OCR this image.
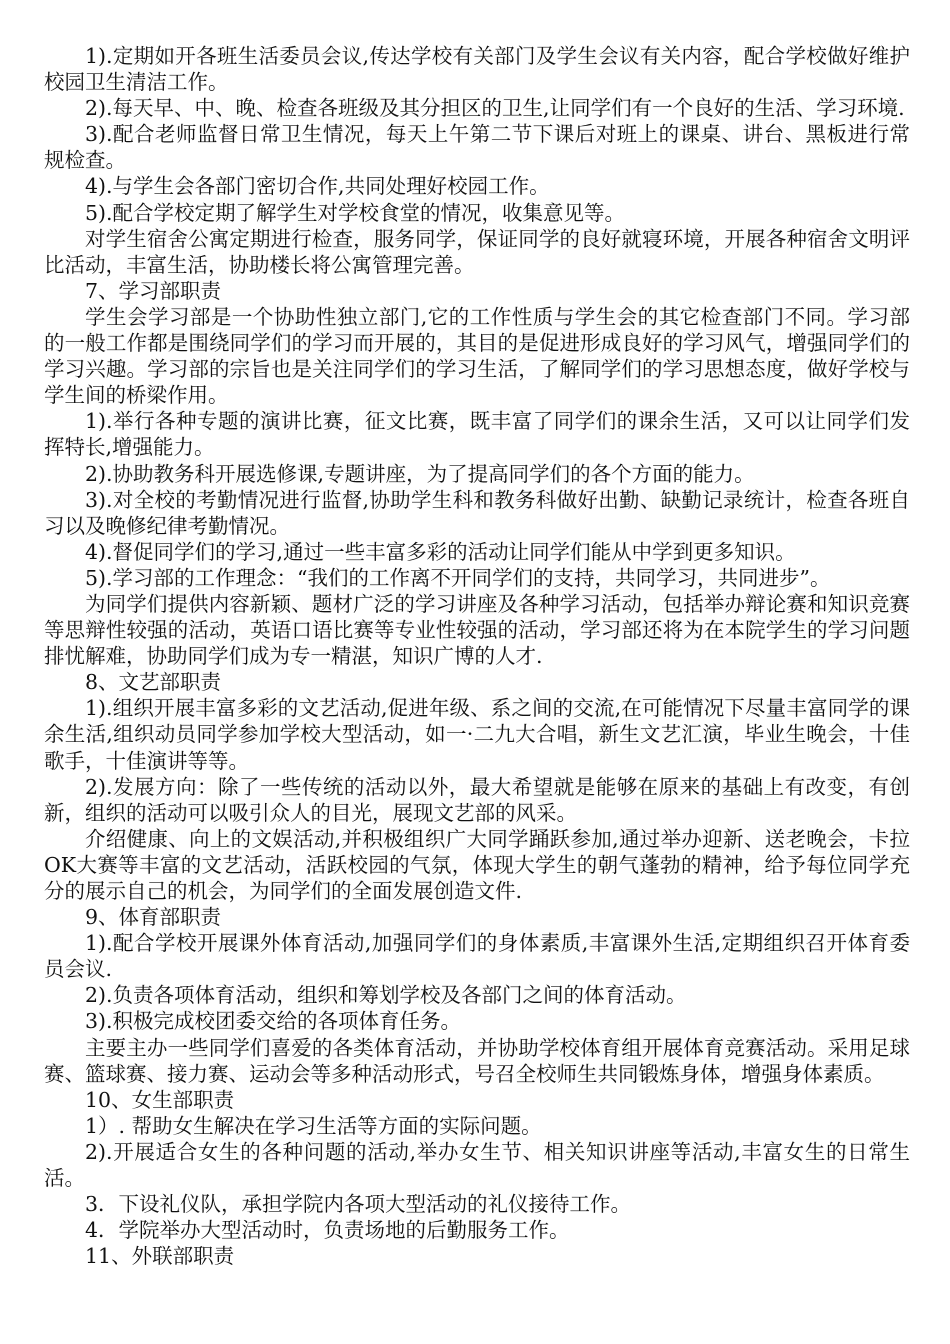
1).定期如开各班生活委员会议,传达学校有关部门及学生会议有关内容，配合学校做好维护校园卫生清洁工作。

2).每天早、中、晚、检查各班级及其分担区的卫生,让同学们有一个良好的生活、学习环境.

3).配合老师监督日常卫生情况，每天上午第二节下课后对班上的课桌、讲台、黑板进行常规检查。

4).与学生会各部门密切合作,共同处理好校园工作。

5).配合学校定期了解学生对学校食堂的情况，收集意见等。

对学生宿舍公寓定期进行检查，服务同学，保证同学的良好就寝环境，开展各种宿舍文明评比活动，丰富生活，协助楼长将公寓管理完善。

7、学习部职责

学生会学习部是一个协助性独立部门,它的工作性质与学生会的其它检查部门不同。学习部的一般工作都是围绕同学们的学习而开展的，其目的是促进形成良好的学习风气，增强同学们的学习兴趣。学习部的宗旨也是关注同学们的学习生活，了解同学们的学习思想态度，做好学校与学生间的桥梁作用。

1).举行各种专题的演讲比赛，征文比赛，既丰富了同学们的课余生活，又可以让同学们发挥特长,增强能力。

2).协助教务科开展选修课,专题讲座，为了提高同学们的各个方面的能力。

3).对全校的考勤情况进行监督,协助学生科和教务科做好出勤、缺勤记录统计，检查各班自习以及晚修纪律考勤情况。

4).督促同学们的学习,通过一些丰富多彩的活动让同学们能从中学到更多知识。

5).学习部的工作理念：“我们的工作离不开同学们的支持，共同学习，共同进步”。

为同学们提供内容新颖、题材广泛的学习讲座及各种学习活动，包括举办辩论赛和知识竞赛等思辩性较强的活动，英语口语比赛等专业性较强的活动，学习部还将为在本院学生的学习问题排忧解难，协助同学们成为专一精湛，知识广博的人才.

8、文艺部职责

1).组织开展丰富多彩的文艺活动,促进年级、系之间的交流,在可能情况下尽量丰富同学的课余生活,组织动员同学参加学校大型活动，如一·二九大合唱，新生文艺汇演，毕业生晚会，十佳歌手，十佳演讲等等。

2).发展方向：除了一些传统的活动以外，最大希望就是能够在原来的基础上有改变，有创新，组织的活动可以吸引众人的目光，展现文艺部的风采。

介绍健康、向上的文娱活动,并积极组织广大同学踊跃参加,通过举办迎新、送老晚会，卡拉OK大赛等丰富的文艺活动，活跃校园的气氛，体现大学生的朝气蓬勃的精神，给予每位同学充分的展示自己的机会，为同学们的全面发展创造文件.

9、体育部职责

1).配合学校开展课外体育活动,加强同学们的身体素质,丰富课外生活,定期组织召开体育委员会议.

2).负责各项体育活动，组织和筹划学校及各部门之间的体育活动。

3).积极完成校团委交给的各项体育任务。

主要主办一些同学们喜爱的各类体育活动，并协助学校体育组开展体育竞赛活动。采用足球赛、篮球赛、接力赛、运动会等多种活动形式，号召全校师生共同锻炼身体，增强身体素质。

10、女生部职责

1）. 帮助女生解决在学习生活等方面的实际问题。

2).开展适合女生的各种问题的活动,举办女生节、相关知识讲座等活动,丰富女生的日常生活。

3．下设礼仪队，承担学院内各项大型活动的礼仪接待工作。

4．学院举办大型活动时，负责场地的后勤服务工作。

11、外联部职责
